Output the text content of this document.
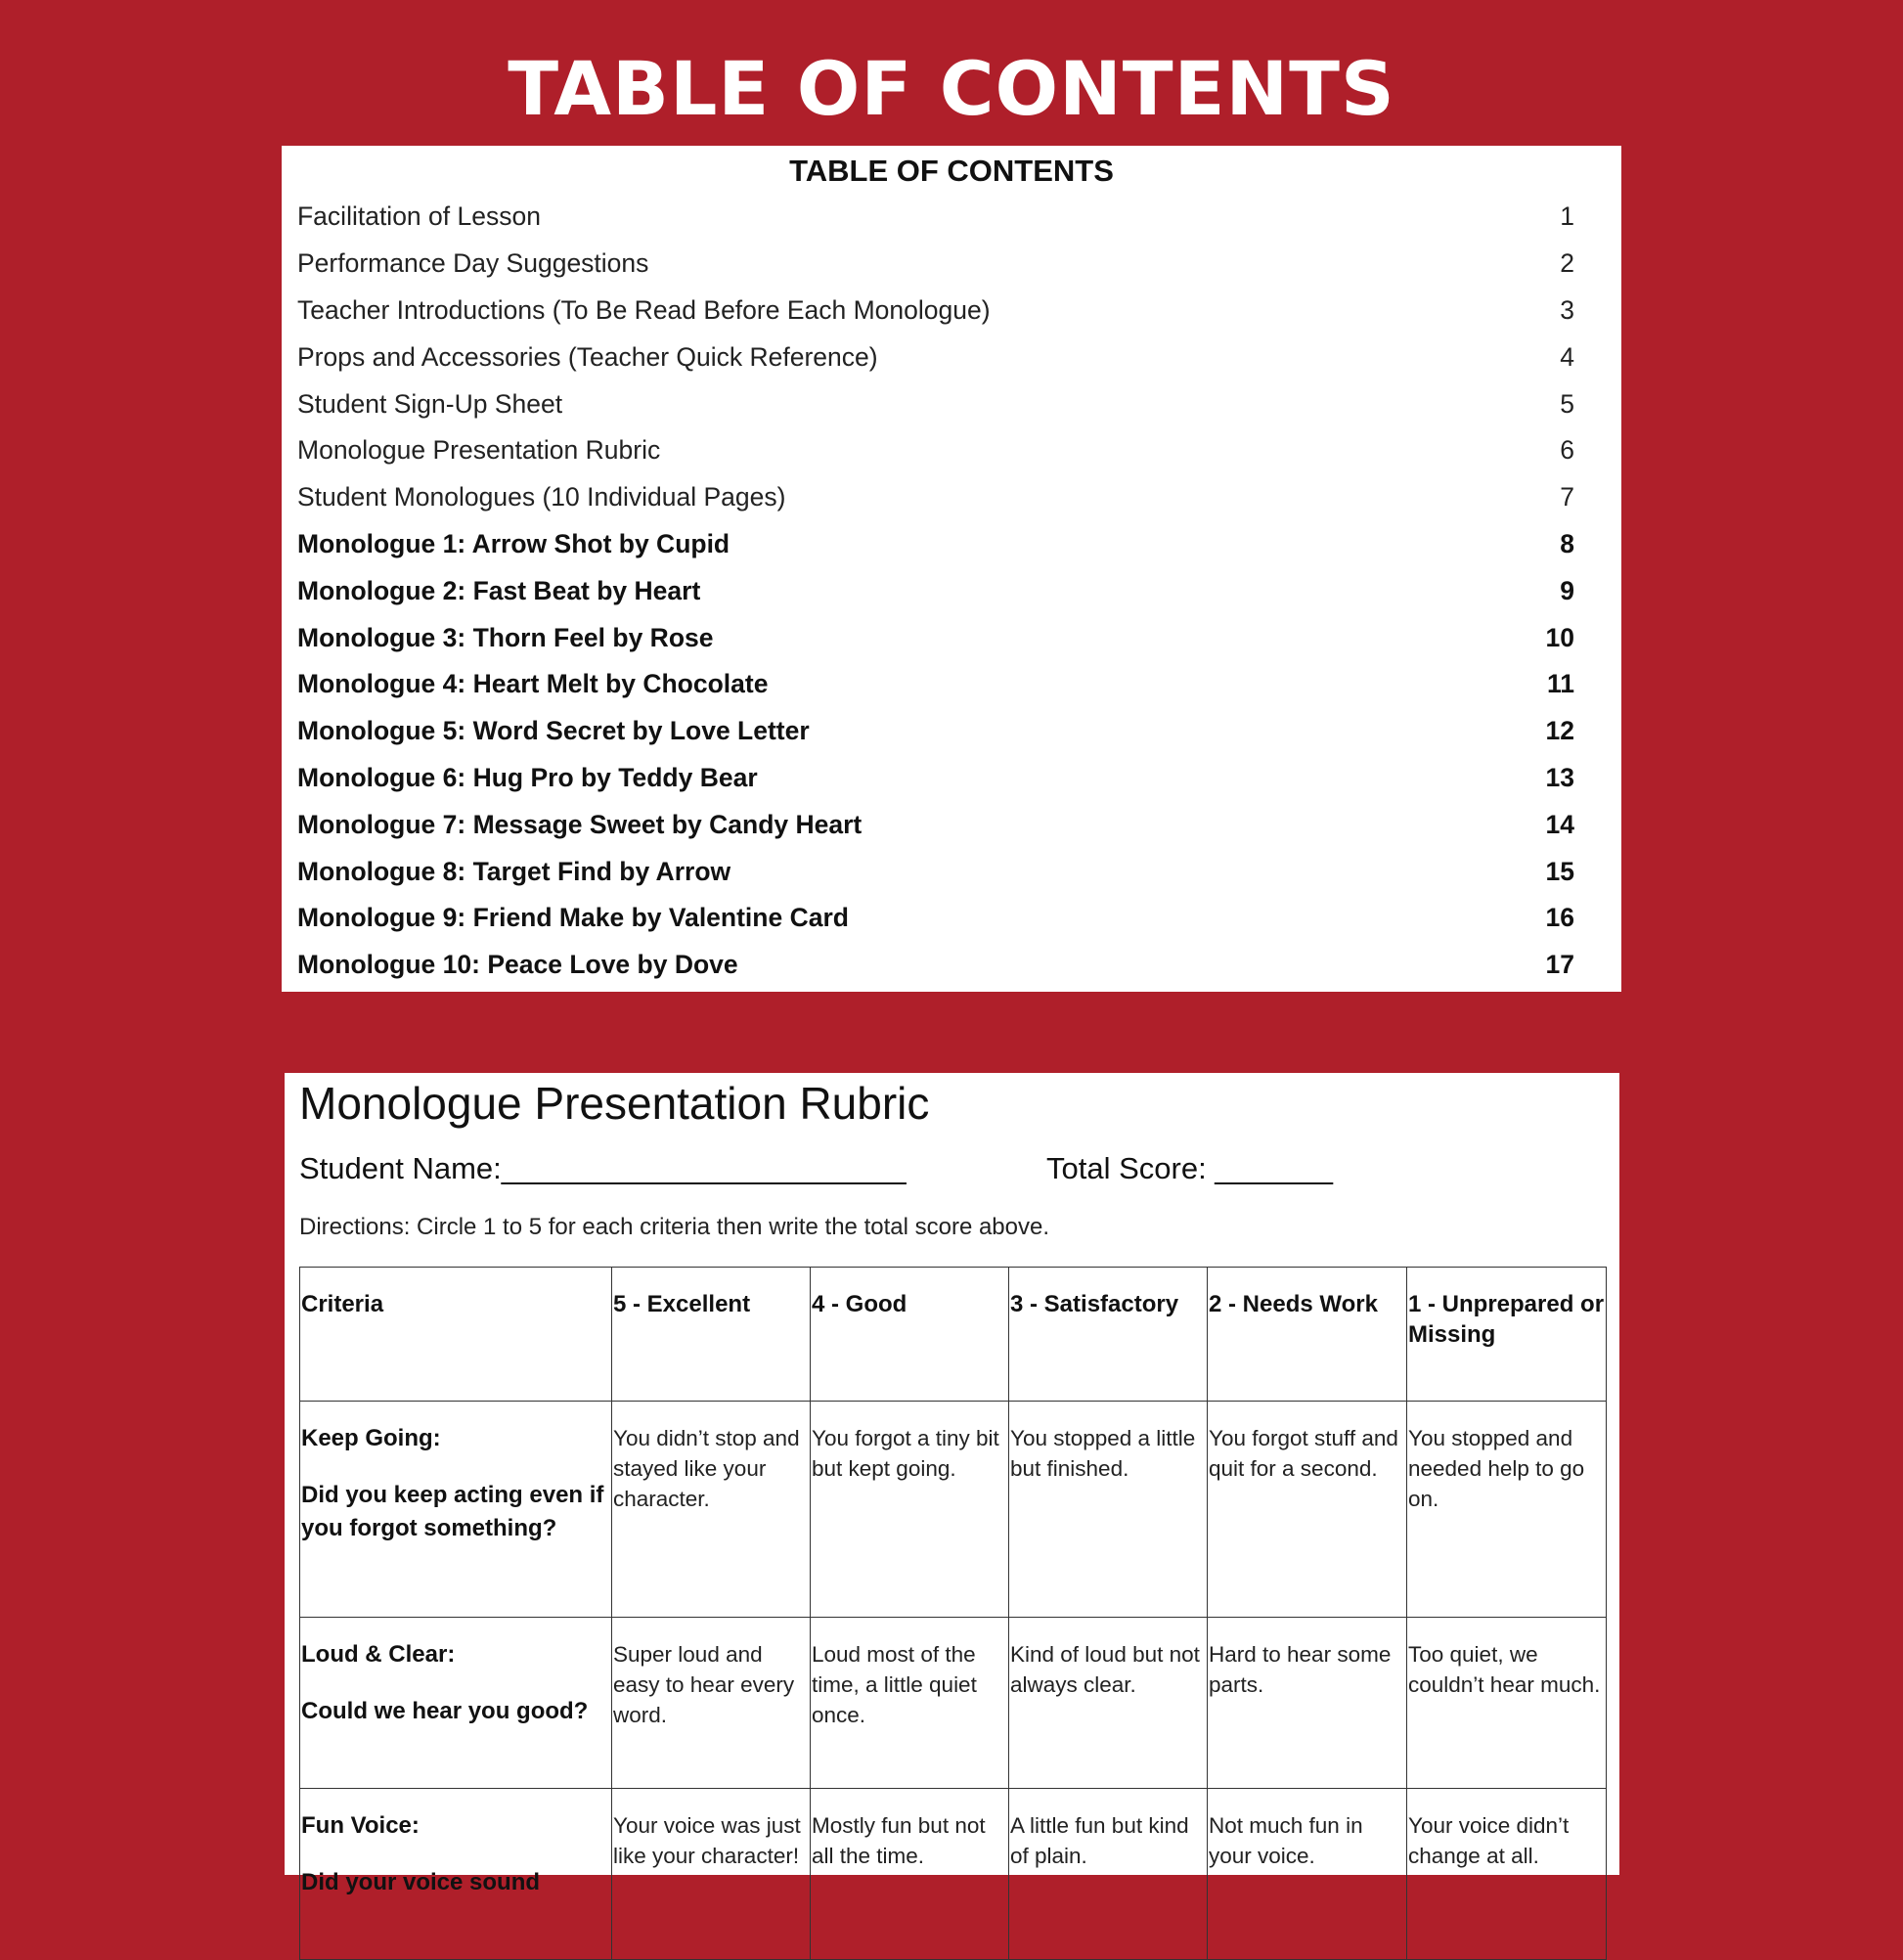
TABLE OF CONTENTS
TABLE OF CONTENTS
Facilitation of Lesson	1
Performance Day Suggestions	2
Teacher Introductions (To Be Read Before Each Monologue)	3
Props and Accessories (Teacher Quick Reference)	4
Student Sign-Up Sheet	5
Monologue Presentation Rubric	6
Student Monologues (10 Individual Pages)	7
Monologue 1: Arrow Shot by Cupid	8
Monologue 2: Fast Beat by Heart	9
Monologue 3: Thorn Feel by Rose	10
Monologue 4: Heart Melt by Chocolate	11
Monologue 5: Word Secret by Love Letter	12
Monologue 6: Hug Pro by Teddy Bear	13
Monologue 7: Message Sweet by Candy Heart	14
Monologue 8: Target Find by Arrow	15
Monologue 9: Friend Make by Valentine Card	16
Monologue 10: Peace Love by Dove	17
Monologue Presentation Rubric
Student Name:________________________	Total Score: _______
Directions: Circle 1 to 5 for each criteria then write the total score above.
Criteria	5 - Excellent	4 - Good	3 - Satisfactory	2 - Needs Work	1 - Unprepared or Missing

Keep Going:
Did you keep acting even if you forgot something?	You didn’t stop and stayed like your character.	You forgot a tiny bit but kept going.	You stopped a little but finished.	You forgot stuff and quit for a second.	You stopped and needed help to go on.

Loud & Clear:
Could we hear you good?	Super loud and easy to hear every word.	Loud most of the time, a little quiet once.	Kind of loud but not always clear.	Hard to hear some parts.	Too quiet, we couldn’t hear much.

Fun Voice:
Did your voice sound	Your voice was just like your character!	Mostly fun but not all the time.	A little fun but kind of plain.	Not much fun in your voice.	Your voice didn’t change at all.
